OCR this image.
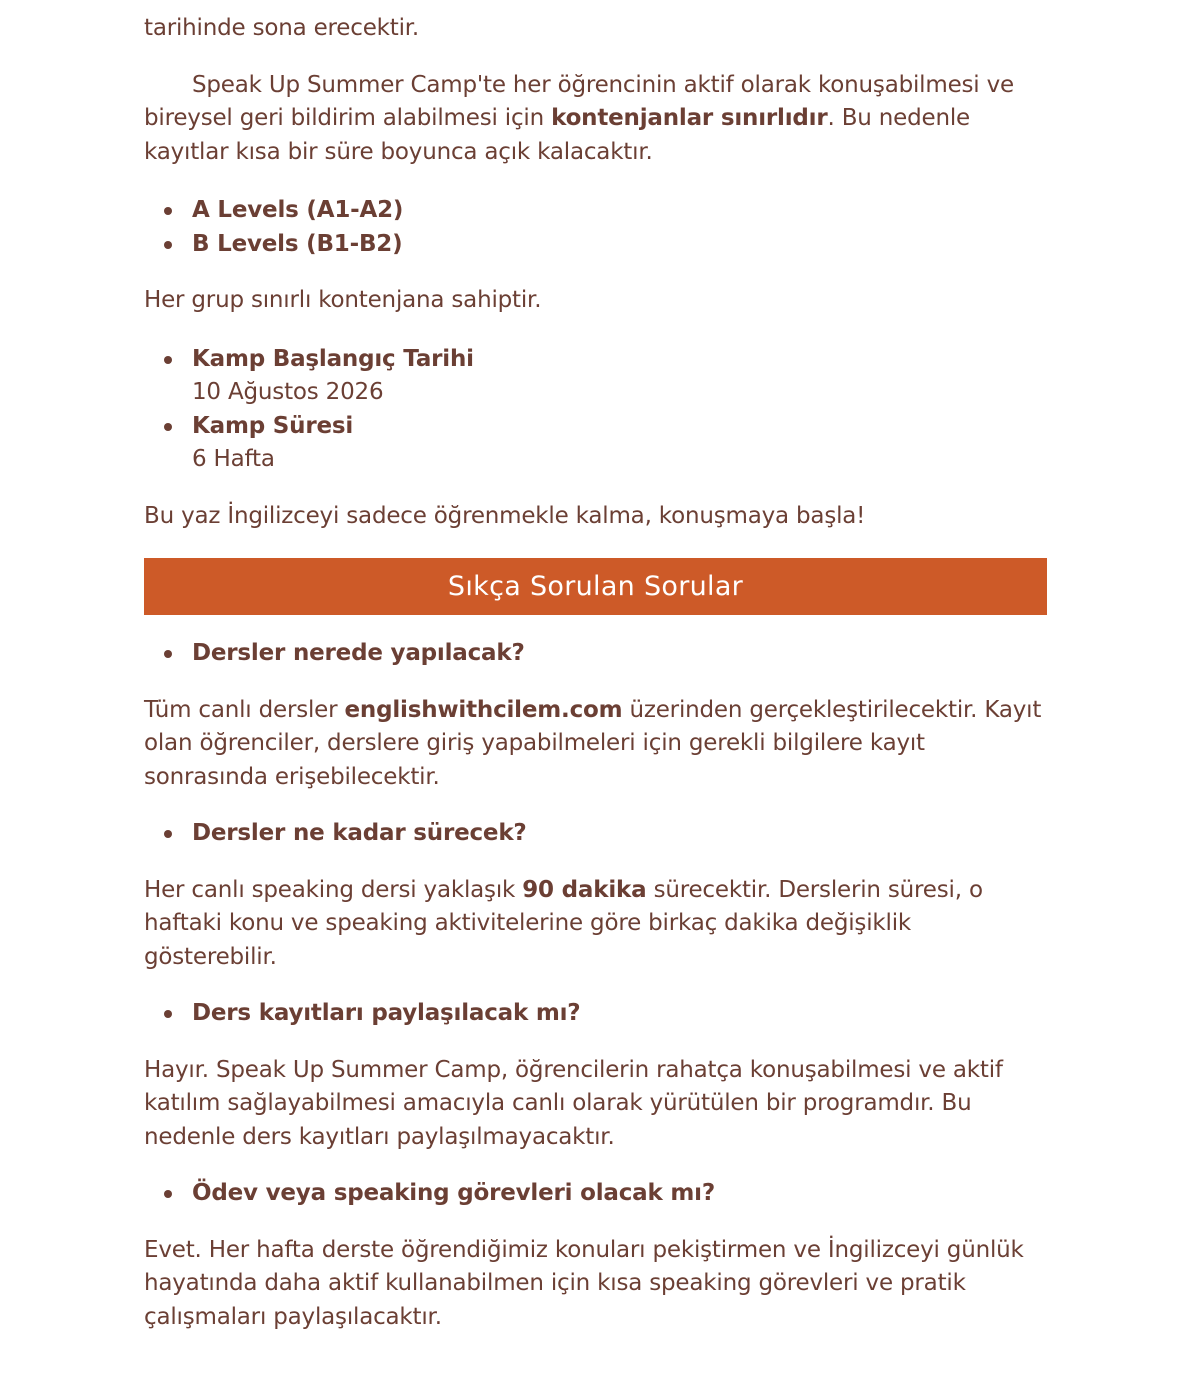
tarihinde sona erecektir.

Speak Up Summer Camp'te her öğrencinin aktif olarak konuşabilmesi ve bireysel geri bildirim alabilmesi için kontenjanlar sınırlıdır. Bu nedenle kayıtlar kısa bir süre boyunca açık kalacaktır.

A Levels (A1-A2)
B Levels (B1-B2)

Her grup sınırlı kontenjana sahiptir.

Kamp Başlangıç Tarihi
10 Ağustos 2026
Kamp Süresi
6 Hafta

Bu yaz İngilizceyi sadece öğrenmekle kalma, konuşmaya başla!

Sıkça Sorulan Sorular
Dersler nerede yapılacak?

Tüm canlı dersler englishwithcilem.com üzerinden gerçekleştirilecektir. Kayıt olan öğrenciler, derslere giriş yapabilmeleri için gerekli bilgilere kayıt sonrasında erişebilecektir.

Dersler ne kadar sürecek?

Her canlı speaking dersi yaklaşık 90 dakika sürecektir. Derslerin süresi, o haftaki konu ve speaking aktivitelerine göre birkaç dakika değişiklik gösterebilir.

Ders kayıtları paylaşılacak mı?

Hayır. Speak Up Summer Camp, öğrencilerin rahatça konuşabilmesi ve aktif katılım sağlayabilmesi amacıyla canlı olarak yürütülen bir programdır. Bu nedenle ders kayıtları paylaşılmayacaktır.

Ödev veya speaking görevleri olacak mı?

Evet. Her hafta derste öğrendiğimiz konuları pekiştirmen ve İngilizceyi günlük hayatında daha aktif kullanabilmen için kısa speaking görevleri ve pratik çalışmaları paylaşılacaktır.
